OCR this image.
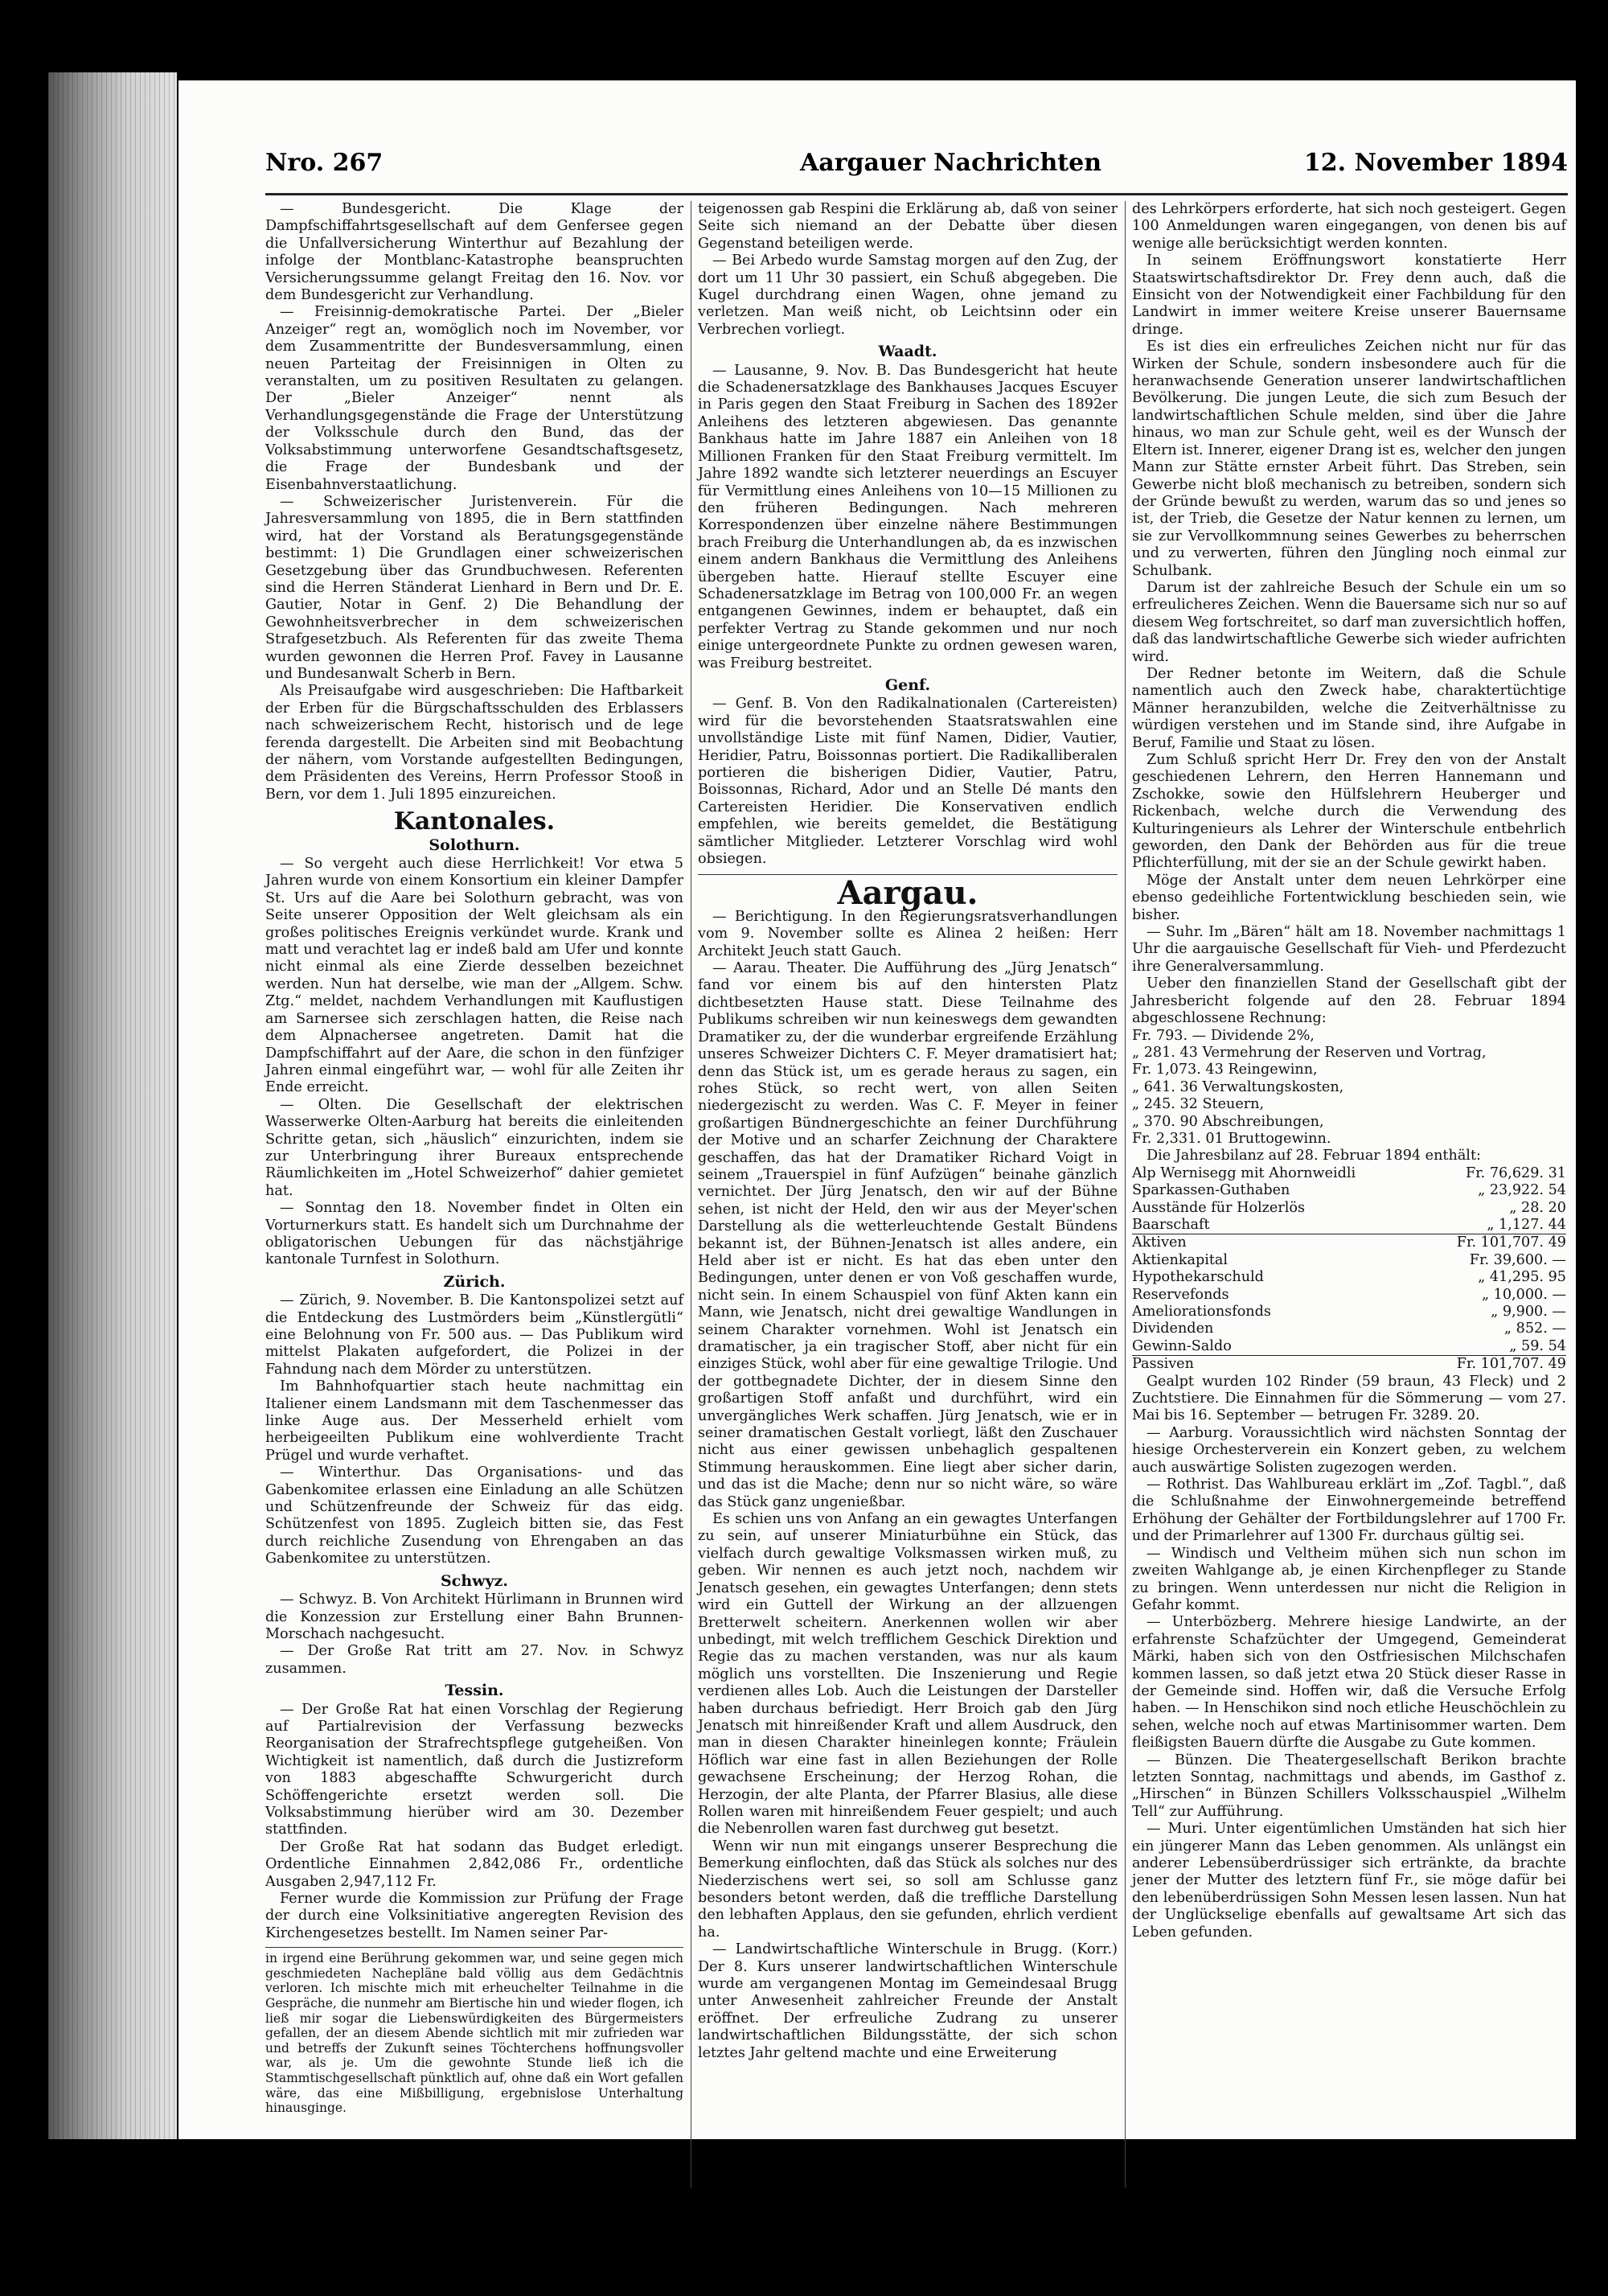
Nro. 267	Aargauer Nachrichten	12. November 1894

— Bundesgericht. Die Klage der Dampfschiffahrtsgesellschaft auf dem Genfersee gegen die Unfallversicherung Winterthur auf Bezahlung der infolge der Montblanc-Katastrophe beanspruchten Versicherungssumme gelangt Freitag den 16. Nov. vor dem Bundesgericht zur Verhandlung.

— Freisinnig-demokratische Partei. Der „Bieler Anzeiger“ regt an, womöglich noch im November, vor dem Zusammentritte der Bundesversammlung, einen neuen Parteitag der Freisinnigen in Olten zu veranstalten, um zu positiven Resultaten zu gelangen. Der „Bieler Anzeiger“ nennt als Verhandlungsgegenstände die Frage der Unterstützung der Volksschule durch den Bund, das der Volksabstimmung unterworfene Gesandtschaftsgesetz, die Frage der Bundesbank und der Eisenbahnverstaatlichung.

— Schweizerischer Juristenverein. Für die Jahresversammlung von 1895, die in Bern stattfinden wird, hat der Vorstand als Beratungsgegenstände bestimmt: 1) Die Grundlagen einer schweizerischen Gesetzgebung über das Grundbuchwesen. Referenten sind die Herren Ständerat Lienhard in Bern und Dr. E. Gautier, Notar in Genf. 2) Die Behandlung der Gewohnheitsverbrecher in dem schweizerischen Strafgesetzbuch. Als Referenten für das zweite Thema wurden gewonnen die Herren Prof. Favey in Lausanne und Bundesanwalt Scherb in Bern.

Als Preisaufgabe wird ausgeschrieben: Die Haftbarkeit der Erben für die Bürgschaftsschulden des Erblassers nach schweizerischem Recht, historisch und de lege ferenda dargestellt. Die Arbeiten sind mit Beobachtung der nähern, vom Vorstande aufgestellten Bedingungen, dem Präsidenten des Vereins, Herrn Professor Stooß in Bern, vor dem 1. Juli 1895 einzureichen.

Kantonales.
Solothurn.

— So vergeht auch diese Herrlichkeit! Vor etwa 5 Jahren wurde von einem Konsortium ein kleiner Dampfer St. Urs auf die Aare bei Solothurn gebracht, was von Seite unserer Opposition der Welt gleichsam als ein großes politisches Ereignis verkündet wurde. Krank und matt und verachtet lag er indeß bald am Ufer und konnte nicht einmal als eine Zierde desselben bezeichnet werden. Nun hat derselbe, wie man der „Allgem. Schw. Ztg.“ meldet, nachdem Verhandlungen mit Kauflustigen am Sarnersee sich zerschlagen hatten, die Reise nach dem Alpnachersee angetreten. Damit hat die Dampfschiffahrt auf der Aare, die schon in den fünfziger Jahren einmal eingeführt war, — wohl für alle Zeiten ihr Ende erreicht.

— Olten. Die Gesellschaft der elektrischen Wasserwerke Olten-Aarburg hat bereits die einleitenden Schritte getan, sich „häuslich“ einzurichten, indem sie zur Unterbringung ihrer Bureaux entsprechende Räumlichkeiten im „Hotel Schweizerhof“ dahier gemietet hat.

— Sonntag den 18. November findet in Olten ein Vorturnerkurs statt. Es handelt sich um Durchnahme der obligatorischen Uebungen für das nächstjährige kantonale Turnfest in Solothurn.

Zürich.

— Zürich, 9. November. B. Die Kantonspolizei setzt auf die Entdeckung des Lustmörders beim „Künstlergütli“ eine Belohnung von Fr. 500 aus. — Das Publikum wird mittelst Plakaten aufgefordert, die Polizei in der Fahndung nach dem Mörder zu unterstützen.

Im Bahnhofquartier stach heute nachmittag ein Italiener einem Landsmann mit dem Taschenmesser das linke Auge aus. Der Messerheld erhielt vom herbeigeeilten Publikum eine wohlverdiente Tracht Prügel und wurde verhaftet.

— Winterthur. Das Organisations- und das Gabenkomitee erlassen eine Einladung an alle Schützen und Schützenfreunde der Schweiz für das eidg. Schützenfest von 1895. Zugleich bitten sie, das Fest durch reichliche Zusendung von Ehrengaben an das Gabenkomitee zu unterstützen.

Schwyz.

— Schwyz. B. Von Architekt Hürlimann in Brunnen wird die Konzession zur Erstellung einer Bahn Brunnen-Morschach nachgesucht.

— Der Große Rat tritt am 27. Nov. in Schwyz zusammen.

Tessin.

— Der Große Rat hat einen Vorschlag der Regierung auf Partialrevision der Verfassung bezwecks Reorganisation der Strafrechtspflege gutgeheißen. Von Wichtigkeit ist namentlich, daß durch die Justizreform von 1883 abgeschaffte Schwurgericht durch Schöffengerichte ersetzt werden soll. Die Volksabstimmung hierüber wird am 30. Dezember stattfinden.

Der Große Rat hat sodann das Budget erledigt. Ordentliche Einnahmen 2,842,086 Fr., ordentliche Ausgaben 2,947,112 Fr.

Ferner wurde die Kommission zur Prüfung der Frage der durch eine Volksinitiative angeregten Revision des Kirchengesetzes bestellt. Im Namen seiner Par-

in irgend eine Berührung gekommen war, und seine gegen mich geschmiedeten Nachepläne bald völlig aus dem Gedächtnis verloren. Ich mischte mich mit erheuchelter Teilnahme in die Gespräche, die nunmehr am Biertische hin und wieder flogen, ich ließ mir sogar die Liebenswürdigkeiten des Bürgermeisters gefallen, der an diesem Abende sichtlich mit mir zufrieden war und betreffs der Zukunft seines Töchterchens hoffnungsvoller war, als je. Um die gewohnte Stunde ließ ich die Stammtischgesellschaft pünktlich auf, ohne daß ein Wort gefallen wäre, das eine Mißbilligung, ergebnislose Unterhaltung hinausginge.

teigenossen gab Respini die Erklärung ab, daß von seiner Seite sich niemand an der Debatte über diesen Gegenstand beteiligen werde.

— Bei Arbedo wurde Samstag morgen auf den Zug, der dort um 11 Uhr 30 passiert, ein Schuß abgegeben. Die Kugel durchdrang einen Wagen, ohne jemand zu verletzen. Man weiß nicht, ob Leichtsinn oder ein Verbrechen vorliegt.

Waadt.

— Lausanne, 9. Nov. B. Das Bundesgericht hat heute die Schadenersatzklage des Bankhauses Jacques Escuyer in Paris gegen den Staat Freiburg in Sachen des 1892er Anleihens des letzteren abgewiesen. Das genannte Bankhaus hatte im Jahre 1887 ein Anleihen von 18 Millionen Franken für den Staat Freiburg vermittelt. Im Jahre 1892 wandte sich letzterer neuerdings an Escuyer für Vermittlung eines Anleihens von 10—15 Millionen zu den früheren Bedingungen. Nach mehreren Korrespondenzen über einzelne nähere Bestimmungen brach Freiburg die Unterhandlungen ab, da es inzwischen einem andern Bankhaus die Vermittlung des Anleihens übergeben hatte. Hierauf stellte Escuyer eine Schadenersatzklage im Betrag von 100,000 Fr. an wegen entgangenen Gewinnes, indem er behauptet, daß ein perfekter Vertrag zu Stande gekommen und nur noch einige untergeordnete Punkte zu ordnen gewesen waren, was Freiburg bestreitet.

Genf.

— Genf. B. Von den Radikalnationalen (Cartereisten) wird für die bevorstehenden Staatsratswahlen eine unvollständige Liste mit fünf Namen, Didier, Vautier, Heridier, Patru, Boissonnas portiert. Die Radikalliberalen portieren die bisherigen Didier, Vautier, Patru, Boissonnas, Richard, Ador und an Stelle Dé mants den Cartereisten Heridier. Die Konservativen endlich empfehlen, wie bereits gemeldet, die Bestätigung sämtlicher Mitglieder. Letzterer Vorschlag wird wohl obsiegen.

Aargau.

— Berichtigung. In den Regierungsratsverhandlungen vom 9. November sollte es Alinea 2 heißen: Herr Architekt Jeuch statt Gauch.

— Aarau. Theater. Die Aufführung des „Jürg Jenatsch“ fand vor einem bis auf den hintersten Platz dichtbesetzten Hause statt. Diese Teilnahme des Publikums schreiben wir nun keineswegs dem gewandten Dramatiker zu, der die wunderbar ergreifende Erzählung unseres Schweizer Dichters C. F. Meyer dramatisiert hat; denn das Stück ist, um es gerade heraus zu sagen, ein rohes Stück, so recht wert, von allen Seiten niedergezischt zu werden. Was C. F. Meyer in feiner großartigen Bündnergeschichte an feiner Durchführung der Motive und an scharfer Zeichnung der Charaktere geschaffen, das hat der Dramatiker Richard Voigt in seinem „Trauerspiel in fünf Aufzügen“ beinahe gänzlich vernichtet. Der Jürg Jenatsch, den wir auf der Bühne sehen, ist nicht der Held, den wir aus der Meyer'schen Darstellung als die wetterleuchtende Gestalt Bündens bekannt ist, der Bühnen-Jenatsch ist alles andere, ein Held aber ist er nicht. Es hat das eben unter den Bedingungen, unter denen er von Voß geschaffen wurde, nicht sein. In einem Schauspiel von fünf Akten kann ein Mann, wie Jenatsch, nicht drei gewaltige Wandlungen in seinem Charakter vornehmen. Wohl ist Jenatsch ein dramatischer, ja ein tragischer Stoff, aber nicht für ein einziges Stück, wohl aber für eine gewaltige Trilogie. Und der gottbegnadete Dichter, der in diesem Sinne den großartigen Stoff anfaßt und durchführt, wird ein unvergängliches Werk schaffen. Jürg Jenatsch, wie er in seiner dramatischen Gestalt vorliegt, läßt den Zuschauer nicht aus einer gewissen unbehaglich gespaltenen Stimmung herauskommen. Eine liegt aber sicher darin, und das ist die Mache; denn nur so nicht wäre, so wäre das Stück ganz ungenießbar.

Es schien uns von Anfang an ein gewagtes Unterfangen zu sein, auf unserer Miniaturbühne ein Stück, das vielfach durch gewaltige Volksmassen wirken muß, zu geben. Wir nennen es auch jetzt noch, nachdem wir Jenatsch gesehen, ein gewagtes Unterfangen; denn stets wird ein Guttell der Wirkung an der allzuengen Bretterwelt scheitern. Anerkennen wollen wir aber unbedingt, mit welch trefflichem Geschick Direktion und Regie das zu machen verstanden, was nur als kaum möglich uns vorstellten. Die Inszenierung und Regie verdienen alles Lob. Auch die Leistungen der Darsteller haben durchaus befriedigt. Herr Broich gab den Jürg Jenatsch mit hinreißender Kraft und allem Ausdruck, den man in diesen Charakter hineinlegen konnte; Fräulein Höflich war eine fast in allen Beziehungen der Rolle gewachsene Erscheinung; der Herzog Rohan, die Herzogin, der alte Planta, der Pfarrer Blasius, alle diese Rollen waren mit hinreißendem Feuer gespielt; und auch die Nebenrollen waren fast durchweg gut besetzt.

Wenn wir nun mit eingangs unserer Besprechung die Bemerkung einflochten, daß das Stück als solches nur des Niederzischens wert sei, so soll am Schlusse ganz besonders betont werden, daß die treffliche Darstellung den lebhaften Applaus, den sie gefunden, ehrlich verdient ha.

— Landwirtschaftliche Winterschule in Brugg. (Korr.) Der 8. Kurs unserer landwirtschaftlichen Winterschule wurde am vergangenen Montag im Gemeindesaal Brugg unter Anwesenheit zahlreicher Freunde der Anstalt eröffnet. Der erfreuliche Zudrang zu unserer landwirtschaftlichen Bildungsstätte, der sich schon letztes Jahr geltend machte und eine Erweiterung

des Lehrkörpers erforderte, hat sich noch gesteigert. Gegen 100 Anmeldungen waren eingegangen, von denen bis auf wenige alle berücksichtigt werden konnten.

In seinem Eröffnungswort konstatierte Herr Staatswirtschaftsdirektor Dr. Frey denn auch, daß die Einsicht von der Notwendigkeit einer Fachbildung für den Landwirt in immer weitere Kreise unserer Bauernsame dringe.

Es ist dies ein erfreuliches Zeichen nicht nur für das Wirken der Schule, sondern insbesondere auch für die heranwachsende Generation unserer landwirtschaftlichen Bevölkerung. Die jungen Leute, die sich zum Besuch der landwirtschaftlichen Schule melden, sind über die Jahre hinaus, wo man zur Schule geht, weil es der Wunsch der Eltern ist. Innerer, eigener Drang ist es, welcher den jungen Mann zur Stätte ernster Arbeit führt. Das Streben, sein Gewerbe nicht bloß mechanisch zu betreiben, sondern sich der Gründe bewußt zu werden, warum das so und jenes so ist, der Trieb, die Gesetze der Natur kennen zu lernen, um sie zur Vervollkommnung seines Gewerbes zu beherrschen und zu verwerten, führen den Jüngling noch einmal zur Schulbank.

Darum ist der zahlreiche Besuch der Schule ein um so erfreulicheres Zeichen. Wenn die Bauersame sich nur so auf diesem Weg fortschreitet, so darf man zuversichtlich hoffen, daß das landwirtschaftliche Gewerbe sich wieder aufrichten wird.

Der Redner betonte im Weitern, daß die Schule namentlich auch den Zweck habe, charaktertüchtige Männer heranzubilden, welche die Zeitverhältnisse zu würdigen verstehen und im Stande sind, ihre Aufgabe in Beruf, Familie und Staat zu lösen.

Zum Schluß spricht Herr Dr. Frey den von der Anstalt geschiedenen Lehrern, den Herren Hannemann und Zschokke, sowie den Hülfslehrern Heuberger und Rickenbach, welche durch die Verwendung des Kulturingenieurs als Lehrer der Winterschule entbehrlich geworden, den Dank der Behörden aus für die treue Pflichterfüllung, mit der sie an der Schule gewirkt haben.

Möge der Anstalt unter dem neuen Lehrkörper eine ebenso gedeihliche Fortentwicklung beschieden sein, wie bisher.

— Suhr. Im „Bären“ hält am 18. November nachmittags 1 Uhr die aargauische Gesellschaft für Vieh- und Pferdezucht ihre Generalversammlung.

Ueber den finanziellen Stand der Gesellschaft gibt der Jahresbericht folgende auf den 28. Februar 1894 abgeschlossene Rechnung:

Fr. 793. — Dividende 2%,	
„ 281. 43 Vermehrung der Reserven und Vortrag,	
Fr. 1,073. 43 Reingewinn,	
„ 641. 36 Verwaltungskosten,	
„ 245. 32 Steuern,	
„ 370. 90 Abschreibungen,	
Fr. 2,331. 01 Bruttogewinn.	

Die Jahresbilanz auf 28. Februar 1894 enthält:

Alp Wernisegg mit Ahornweidli	Fr. 76,629. 31
Sparkassen-Guthaben	„ 23,922. 54
Ausstände für Holzerlös	„ 28. 20
Baarschaft	„ 1,127. 44
Aktiven	Fr. 101,707. 49
Aktienkapital	Fr. 39,600. —
Hypothekarschuld	„ 41,295. 95
Reservefonds	„ 10,000. —
Ameliorationsfonds	„ 9,900. —
Dividenden	„ 852. —
Gewinn-Saldo	„ 59. 54
Passiven	Fr. 101,707. 49

Gealpt wurden 102 Rinder (59 braun, 43 Fleck) und 2 Zuchtstiere. Die Einnahmen für die Sömmerung — vom 27. Mai bis 16. September — betrugen Fr. 3289. 20.

— Aarburg. Voraussichtlich wird nächsten Sonntag der hiesige Orchesterverein ein Konzert geben, zu welchem auch auswärtige Solisten zugezogen werden.

— Rothrist. Das Wahlbureau erklärt im „Zof. Tagbl.“, daß die Schlußnahme der Einwohnergemeinde betreffend Erhöhung der Gehälter der Fortbildungslehrer auf 1700 Fr. und der Primarlehrer auf 1300 Fr. durchaus gültig sei.

— Windisch und Veltheim mühen sich nun schon im zweiten Wahlgange ab, je einen Kirchenpfleger zu Stande zu bringen. Wenn unterdessen nur nicht die Religion in Gefahr kommt.

— Unterbözberg. Mehrere hiesige Landwirte, an der erfahrenste Schafzüchter der Umgegend, Gemeinderat Märki, haben sich von den Ostfriesischen Milchschafen kommen lassen, so daß jetzt etwa 20 Stück dieser Rasse in der Gemeinde sind. Hoffen wir, daß die Versuche Erfolg haben. — In Henschikon sind noch etliche Heuschöchlein zu sehen, welche noch auf etwas Martinisommer warten. Dem fleißigsten Bauern dürfte die Ausgabe zu Gute kommen.

— Bünzen. Die Theatergesellschaft Berikon brachte letzten Sonntag, nachmittags und abends, im Gasthof z. „Hirschen“ in Bünzen Schillers Volksschauspiel „Wilhelm Tell“ zur Aufführung.

— Muri. Unter eigentümlichen Umständen hat sich hier ein jüngerer Mann das Leben genommen. Als unlängst ein anderer Lebensüberdrüssiger sich ertränkte, da brachte jener der Mutter des letztern fünf Fr., sie möge dafür bei den lebenüberdrüssigen Sohn Messen lesen lassen. Nun hat der Unglückselige ebenfalls auf gewaltsame Art sich das Leben gefunden.
